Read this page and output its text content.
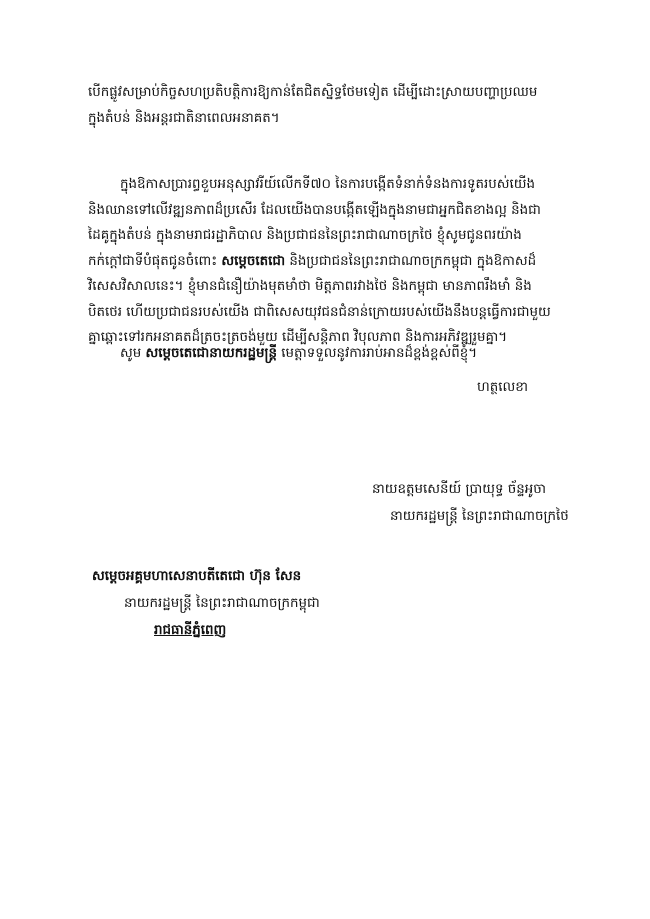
បើកផ្លូវសម្រាប់កិច្ចសហប្រតិបត្តិការឱ្យកាន់តែជិតស្និទ្ធថែមទៀត ដើម្បីដោះស្រាយបញ្ហាប្រឈម
ក្នុងតំបន់ និងអន្តរជាតិនាពេលអនាគត។

ក្នុងឱកាសប្រារព្ធខួបអនុស្សាវរីយ៍លើកទី៧០ នៃការបង្កើតទំនាក់ទំនងការទូតរបស់យើង
និងឈានទៅលើវឌ្ឍនភាពដ៏ប្រសើរ ដែលយើងបានបង្កើតឡើងក្នុងនាមជាអ្នកជិតខាងល្អ និងជា
ដៃគូក្នុងតំបន់ ក្នុងនាមរាជរដ្ឋាភិបាល និងប្រជាជននៃព្រះរាជាណាចក្រថៃ ខ្ញុំសូមជូនពរយ៉ាង
កក់ក្តៅជាទីបំផុតជូនចំពោះ សម្តេចតេជោ និងប្រជាជននៃព្រះរាជាណាចក្រកម្ពុជា ក្នុងឱកាសដ៏
វិសេសវិសាលនេះ។ ខ្ញុំមានជំនឿយ៉ាងមុតមាំថា មិត្តភាពរវាងថៃ និងកម្ពុជា មានភាពរឹងមាំ និង
បិតថេរ ហើយប្រជាជនរបស់យើង ជាពិសេសយុវជនជំនាន់ក្រោយរបស់យើងនឹងបន្តធ្វើការជាមួយ
គ្នាឆ្ពោះទៅរកអនាគតដ៏ត្រចះត្រចង់មួយ ដើម្បីសន្តិភាព វិបុលភាព និងការអភិវឌ្ឍរួមគ្នា។

សូម សម្តេចតេជោនាយករដ្ឋមន្ត្រី មេត្តាទទួលនូវការរាប់អានដ៏ខ្ពង់ខ្ពស់ពីខ្ញុំ។

ហត្ថលេខា
នាយឧត្តមសេនីយ៍ ប្រាយុទ្ធ ច័ន្ទអូចា
នាយករដ្ឋមន្ត្រី នៃព្រះរាជាណាចក្រថៃ
សម្តេចអគ្គមហាសេនាបតីតេជោ ហ៊ុន សែន
នាយករដ្ឋមន្ត្រី នៃព្រះរាជាណាចក្រកម្ពុជា
រាជធានីភ្នំពេញ
